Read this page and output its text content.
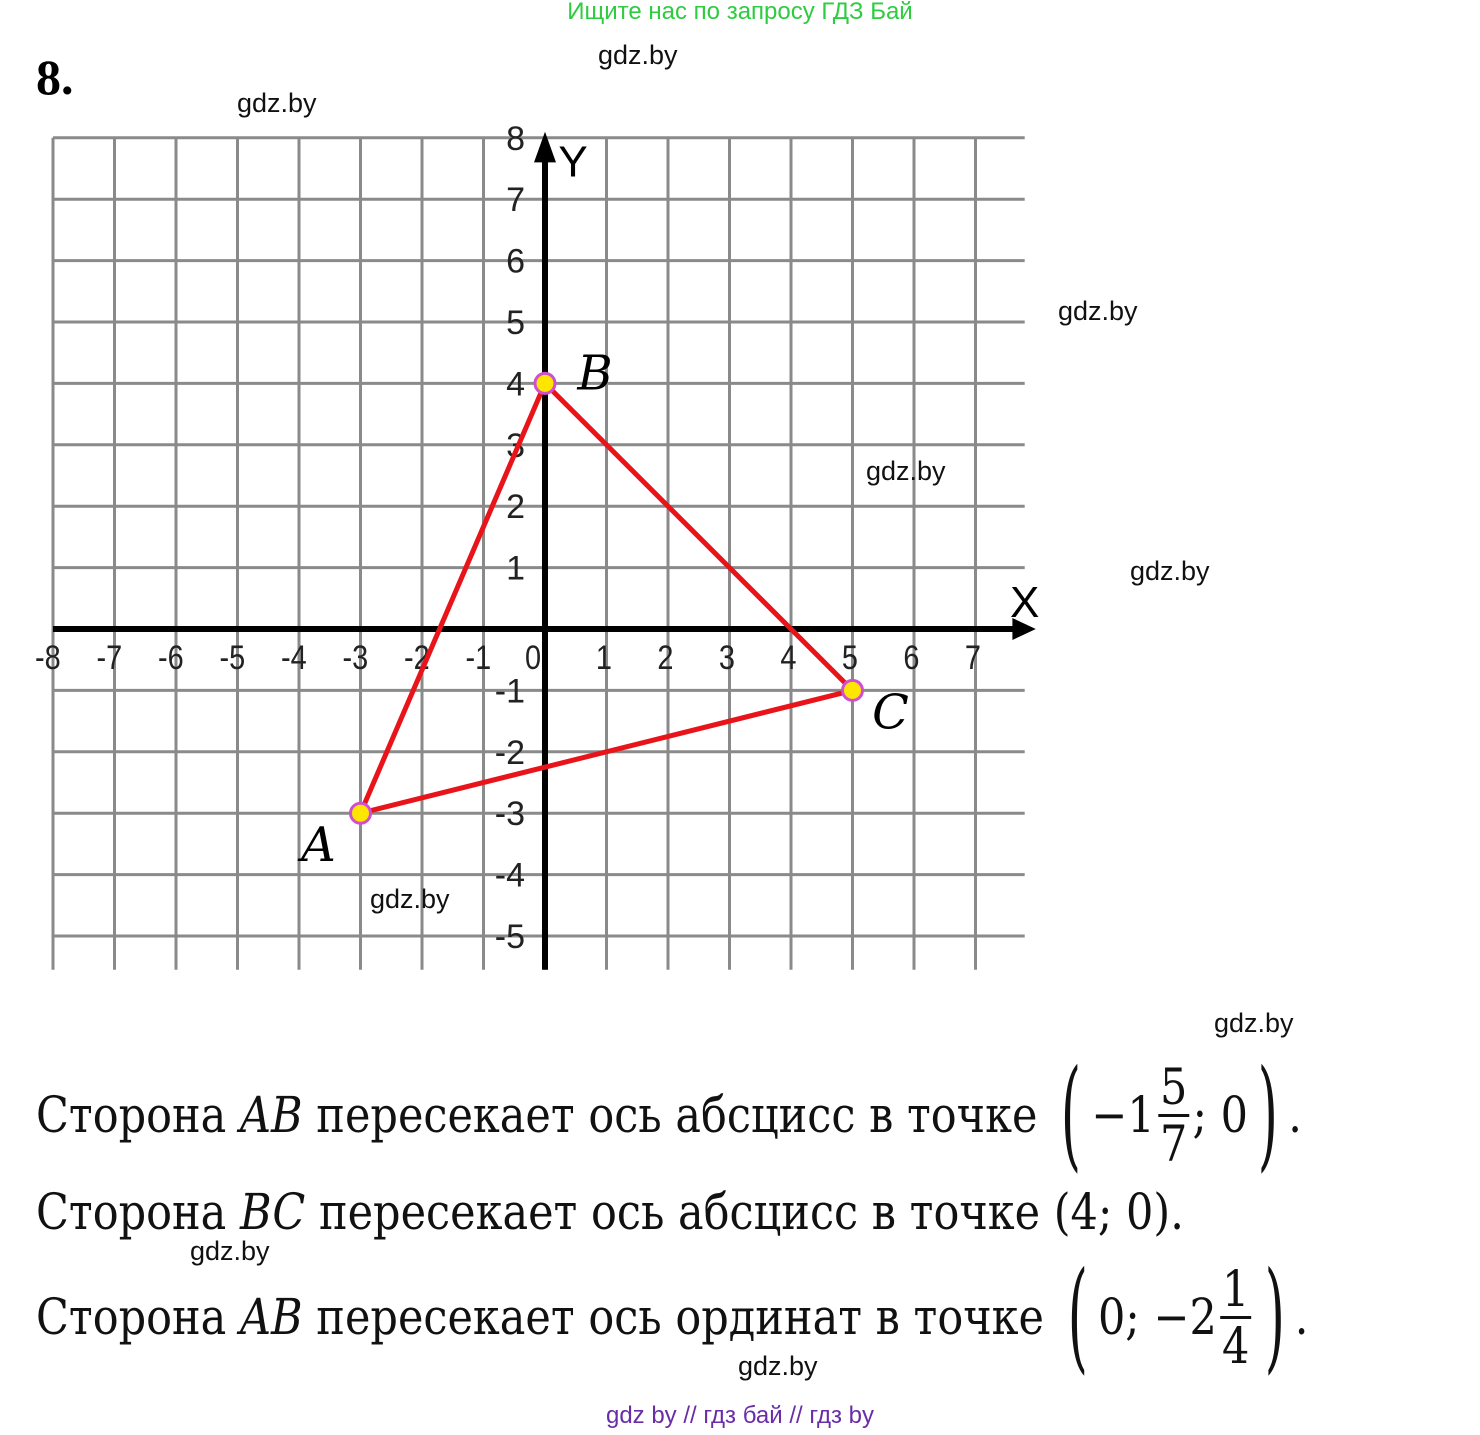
Ищите нас по запросу ГДЗ Бай
8.
X
Y
-8 -7 -6 -5 -4 -3 -2 -1 0 1 2 3 4 5 6 7
8
7
6
5
4
3
2
1
-1
-2
-3
-4
-5
A
B
C
gdz.by
gdz.by
gdz.by
gdz.by
gdz.by
gdz.by
gdz.by
gdz.by
gdz.by
Сторона
AB
пересекает ось абсцисс в точке
( $-1 \frac{5}{7}$ ; 0 ) .
Сторона
BC
пересекает ось абсцисс в точке
(4; 0).
Сторона
AB
пересекает ось ординат в точке
( 0; $-2 \frac{1}{4}$ ) .
gdz by // гдз бай // гдз by
